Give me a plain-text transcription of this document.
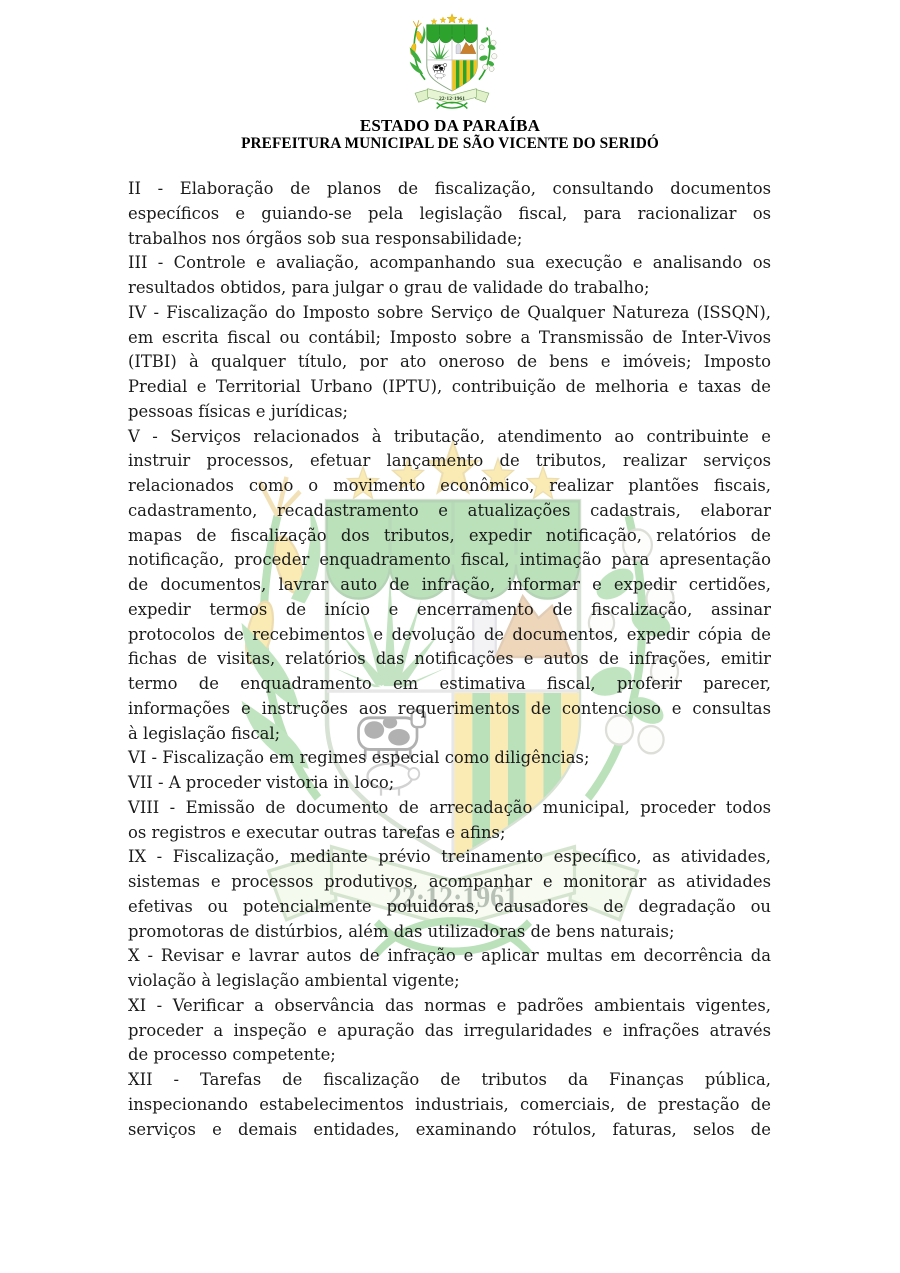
ESTADO DA PARAÍBA
PREFEITURA MUNICIPAL DE SÃO VICENTE DO SERIDÓ
II - Elaboração de planos de fiscalização, consultando documentos
específicos e guiando-se pela legislação fiscal, para racionalizar os
trabalhos nos órgãos sob sua responsabilidade;
III - Controle e avaliação, acompanhando sua execução e analisando os
resultados obtidos, para julgar o grau de validade do trabalho;
IV - Fiscalização do Imposto sobre Serviço de Qualquer Natureza (ISSQN),
em escrita fiscal ou contábil; Imposto sobre a Transmissão de Inter-Vivos
(ITBI) à qualquer título, por ato oneroso de bens e imóveis; Imposto
Predial e Territorial Urbano (IPTU), contribuição de melhoria e taxas de
pessoas físicas e jurídicas;
V - Serviços relacionados à tributação, atendimento ao contribuinte e
instruir processos, efetuar lançamento de tributos, realizar serviços
relacionados como o movimento econômico, realizar plantões fiscais,
cadastramento, recadastramento e atualizações cadastrais, elaborar
mapas de fiscalização dos tributos, expedir notificação, relatórios de
notificação, proceder enquadramento fiscal, intimação para apresentação
de documentos, lavrar auto de infração, informar e expedir certidões,
expedir termos de início e encerramento de fiscalização, assinar
protocolos de recebimentos e devolução de documentos, expedir cópia de
fichas de visitas, relatórios das notificações e autos de infrações, emitir
termo de enquadramento em estimativa fiscal, proferir parecer,
informações e instruções aos requerimentos de contencioso e consultas
à legislação fiscal;
VI - Fiscalização em regimes especial como diligências;
VII - A proceder vistoria in loco;
VIII - Emissão de documento de arrecadação municipal, proceder todos
os registros e executar outras tarefas e afins;
IX - Fiscalização, mediante prévio treinamento específico, as atividades,
sistemas e processos produtivos, acompanhar e monitorar as atividades
efetivas ou potencialmente poluidoras, causadores de degradação ou
promotoras de distúrbios, além das utilizadoras de bens naturais;
X - Revisar e lavrar autos de infração e aplicar multas em decorrência da
violação à legislação ambiental vigente;
XI - Verificar a observância das normas e padrões ambientais vigentes,
proceder a inspeção e apuração das irregularidades e infrações através
de processo competente;
XII - Tarefas de fiscalização de tributos da Finanças pública,
inspecionando estabelecimentos industriais, comerciais, de prestação de
serviços e demais entidades, examinando rótulos, faturas, selos de
